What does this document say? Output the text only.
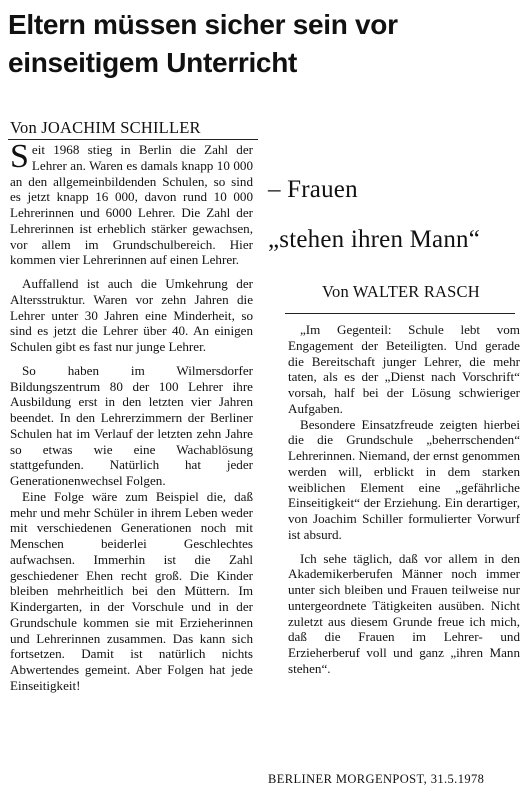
Eltern müssen sicher sein vor einseitigem Unterricht

Von JOACHIM SCHILLER

Seit 1968 stieg in Berlin die Zahl der Lehrer an. Waren es damals knapp 10 000 an den allgemeinbildenden Schulen, so sind es jetzt knapp 16 000, davon rund 10 000 Lehrerinnen und 6000 Lehrer. Die Zahl der Lehrerinnen ist erheblich stärker gewachsen, vor allem im Grundschulbereich. Hier kommen vier Lehrerinnen auf einen Lehrer.

Auffallend ist auch die Umkehrung der Altersstruktur. Waren vor zehn Jahren die Lehrer unter 30 Jahren eine Minderheit, so sind es jetzt die Lehrer über 40. An einigen Schulen gibt es fast nur junge Lehrer.

So haben im Wilmersdorfer Bildungszentrum 80 der 100 Lehrer ihre Ausbildung erst in den letzten vier Jahren beendet. In den Lehrerzimmern der Berliner Schulen hat im Verlauf der letzten zehn Jahre so etwas wie eine Wachablösung stattgefunden. Natürlich hat jeder Generationenwechsel Folgen.

Eine Folge wäre zum Beispiel die, daß mehr und mehr Schüler in ihrem Leben weder mit verschiedenen Generationen noch mit Menschen beiderlei Geschlechtes aufwachsen. Immerhin ist die Zahl geschiedener Ehen recht groß. Die Kinder bleiben mehrheitlich bei den Müttern. Im Kindergarten, in der Vorschule und in der Grundschule kommen sie mit Erzieherinnen und Lehrerinnen zusammen. Das kann sich fortsetzen. Damit ist natürlich nichts Abwertendes gemeint. Aber Folgen hat jede Einseitigkeit!

– Frauen

„stehen ihren Mann“

Von WALTER RASCH

„Im Gegenteil: Schule lebt vom Engagement der Beteiligten. Und gerade die Bereitschaft junger Lehrer, die mehr taten, als es der „Dienst nach Vorschrift“ vorsah, half bei der Lösung schwieriger Aufgaben.

Besondere Einsatzfreude zeigten hierbei die die Grundschule „beherrschenden“ Lehrerinnen. Niemand, der ernst genommen werden will, erblickt in dem starken weiblichen Element eine „gefährliche Einseitigkeit“ der Erziehung. Ein derartiger, von Joachim Schiller formulierter Vorwurf ist absurd.

Ich sehe täglich, daß vor allem in den Akademikerberufen Männer noch immer unter sich bleiben und Frauen teilweise nur untergeordnete Tätigkeiten ausüben. Nicht zuletzt aus diesem Grunde freue ich mich, daß die Frauen im Lehrer- und Erzieherberuf voll und ganz „ihren Mann stehen“.

BERLINER MORGENPOST, 31.5.1978
